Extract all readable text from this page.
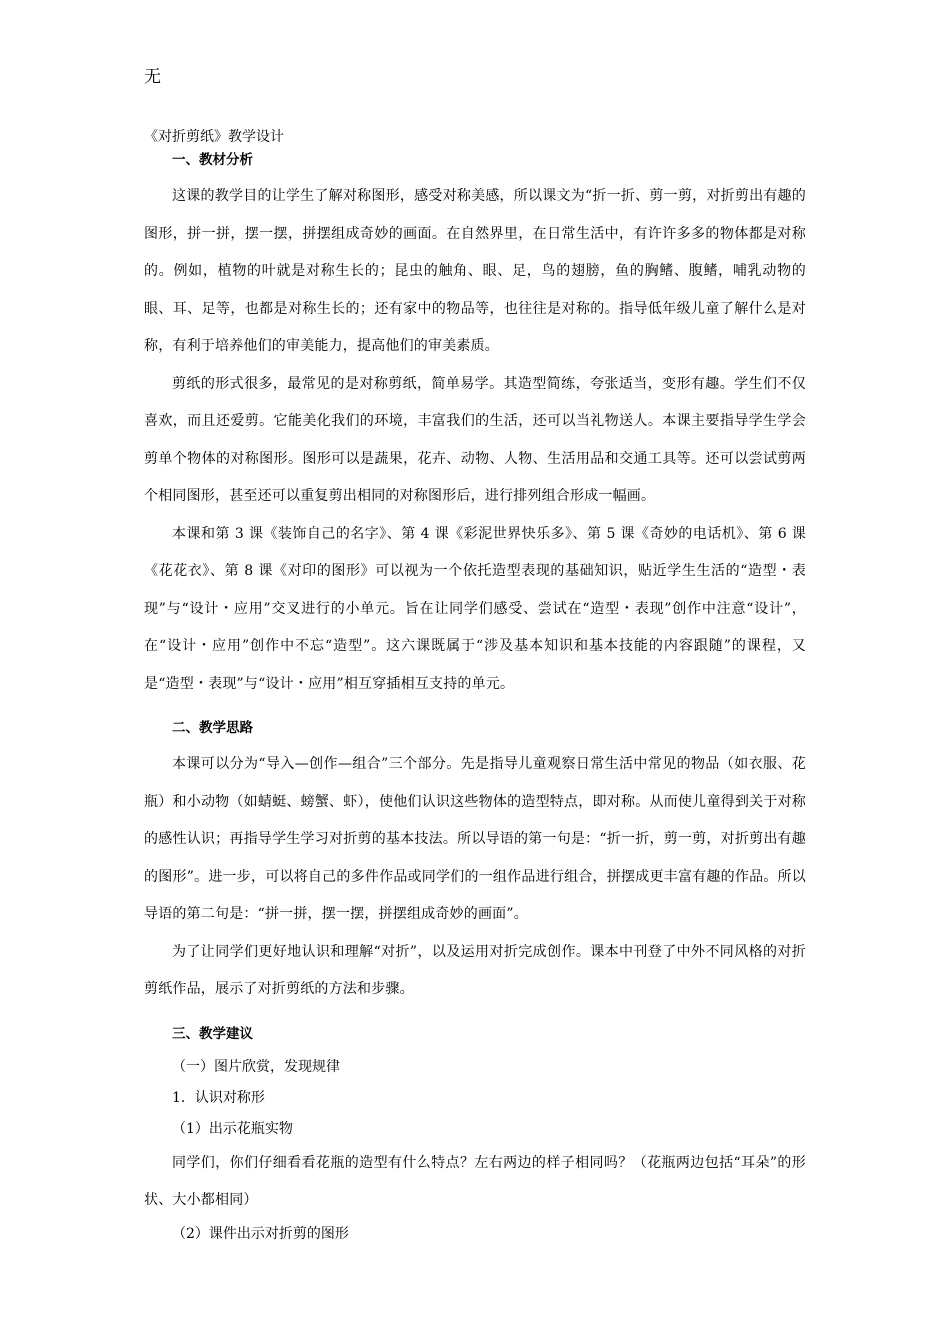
无
《对折剪纸》教学设计
一、教材分析

这课的教学目的让学生了解对称图形，感受对称美感，所以课文为“折一折、剪一剪，对折剪出有趣的图形，拼一拼，摆一摆，拼摆组成奇妙的画面。在自然界里，在日常生活中，有许许多多的物体都是对称的。例如，植物的叶就是对称生长的；昆虫的触角、眼、足，鸟的翅膀，鱼的胸鳍、腹鳍，哺乳动物的眼、耳、足等，也都是对称生长的；还有家中的物品等，也往往是对称的。指导低年级儿童了解什么是对称，有利于培养他们的审美能力，提高他们的审美素质。

剪纸的形式很多，最常见的是对称剪纸，简单易学。其造型简练，夸张适当，变形有趣。学生们不仅喜欢，而且还爱剪。它能美化我们的环境，丰富我们的生活，还可以当礼物送人。本课主要指导学生学会剪单个物体的对称图形。图形可以是蔬果，花卉、动物、人物、生活用品和交通工具等。还可以尝试剪两个相同图形，甚至还可以重复剪出相同的对称图形后，进行排列组合形成一幅画。

本课和第 3 课《装饰自己的名字》、第 4 课《彩泥世界快乐多》、第 5 课《奇妙的电话机》、第 6 课《花花衣》、第 8 课《对印的图形》可以视为一个依托造型表现的基础知识，贴近学生生活的“造型・表现”与“设计・应用”交叉进行的小单元。旨在让同学们感受、尝试在“造型・表现”创作中注意“设计”，在“设计・应用”创作中不忘“造型”。这六课既属于“涉及基本知识和基本技能的内容跟随”的课程，又是“造型・表现”与“设计・应用”相互穿插相互支持的单元。

二、教学思路

本课可以分为“导入—创作—组合”三个部分。先是指导儿童观察日常生活中常见的物品（如衣服、花瓶）和小动物（如蜻蜓、螃蟹、虾），使他们认识这些物体的造型特点，即对称。从而使儿童得到关于对称的感性认识；再指导学生学习对折剪的基本技法。所以导语的第一句是：“折一折，剪一剪，对折剪出有趣的图形”。进一步，可以将自己的多件作品或同学们的一组作品进行组合，拼摆成更丰富有趣的作品。所以导语的第二句是：“拼一拼，摆一摆，拼摆组成奇妙的画面”。

为了让同学们更好地认识和理解“对折”，以及运用对折完成创作。课本中刊登了中外不同风格的对折剪纸作品，展示了对折剪纸的方法和步骤。

三、教学建议
（一）图片欣赏，发现规律
1．认识对称形
（1）出示花瓶实物

同学们，你们仔细看看花瓶的造型有什么特点？左右两边的样子相同吗？（花瓶两边包括“耳朵”的形状、大小都相同）

（2）课件出示对折剪的图形
